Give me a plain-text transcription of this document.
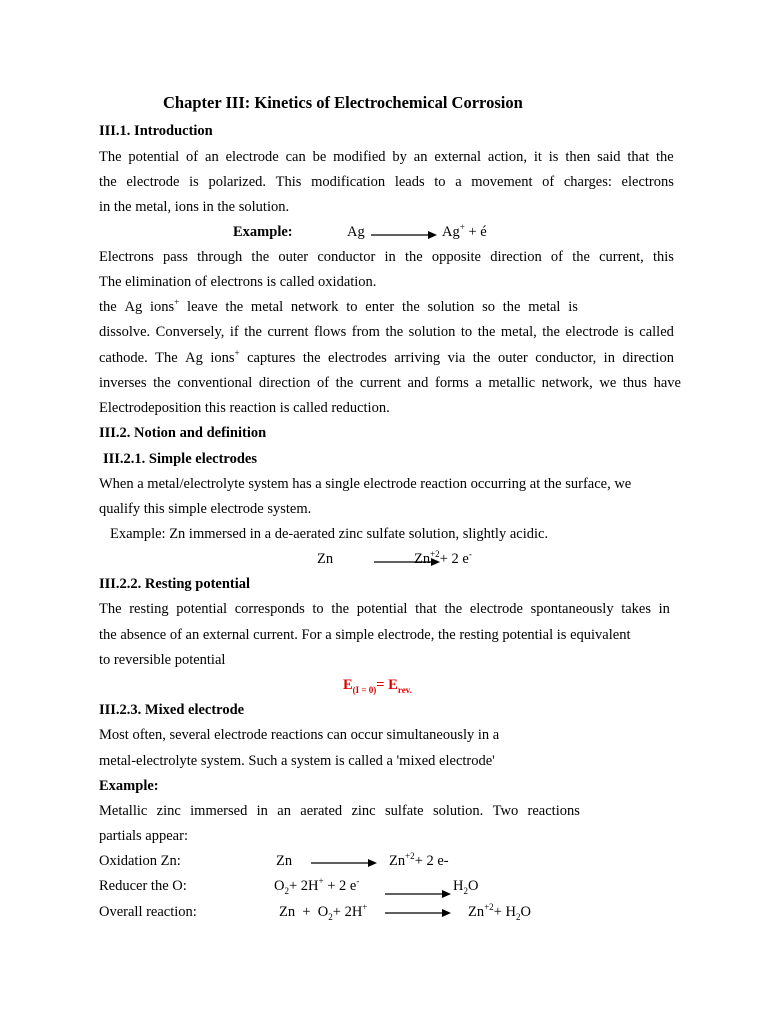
Chapter III: Kinetics of Electrochemical Corrosion
III.1. Introduction
The potential of an electrode can be modified by an external action, it is then said that the
the electrode is polarized. This modification leads to a movement of charges: electrons
in the metal, ions in the solution.
Example:	Ag	Ag+ + é
Electrons pass through the outer conductor in the opposite direction of the current, this
The elimination of electrons is called oxidation.
the Ag ions+ leave the metal network to enter the solution so the metal is
dissolve. Conversely, if the current flows from the solution to the metal, the electrode is called
cathode. The Ag ions+ captures the electrodes arriving via the outer conductor, in direction
inverses the conventional direction of the current and forms a metallic network, we thus have
Electrodeposition this reaction is called reduction.
III.2. Notion and definition
III.2.1. Simple electrodes
When a metal/electrolyte system has a single electrode reaction occurring at the surface, we
qualify this simple electrode system.
Example: Zn immersed in a de-aerated zinc sulfate solution, slightly acidic.
Zn	$Zn^{+2}+ 2$ e-
III.2.2. Resting potential
The resting potential corresponds to the potential that the electrode spontaneously takes in
the absence of an external current. For a simple electrode, the resting potential is equivalent
to reversible potential
$E_{(I = 0)}= E_{rev.}$
III.2.3. Mixed electrode
Most often, several electrode reactions can occur simultaneously in a
metal-electrolyte system. Such a system is called a 'mixed electrode'
Example:
Metallic zinc immersed in an aerated zinc sulfate solution. Two reactions
partials appear:
Oxidation Zn:	Zn	$Zn^{+2}+ 2$ e-
Reducer the O:	$O_2+ 2H^+ + 2$ e-	$H_2O$
Overall reaction:	$Zn + O_2+ 2H^+$	$Zn^{+2}+ H_2O$
